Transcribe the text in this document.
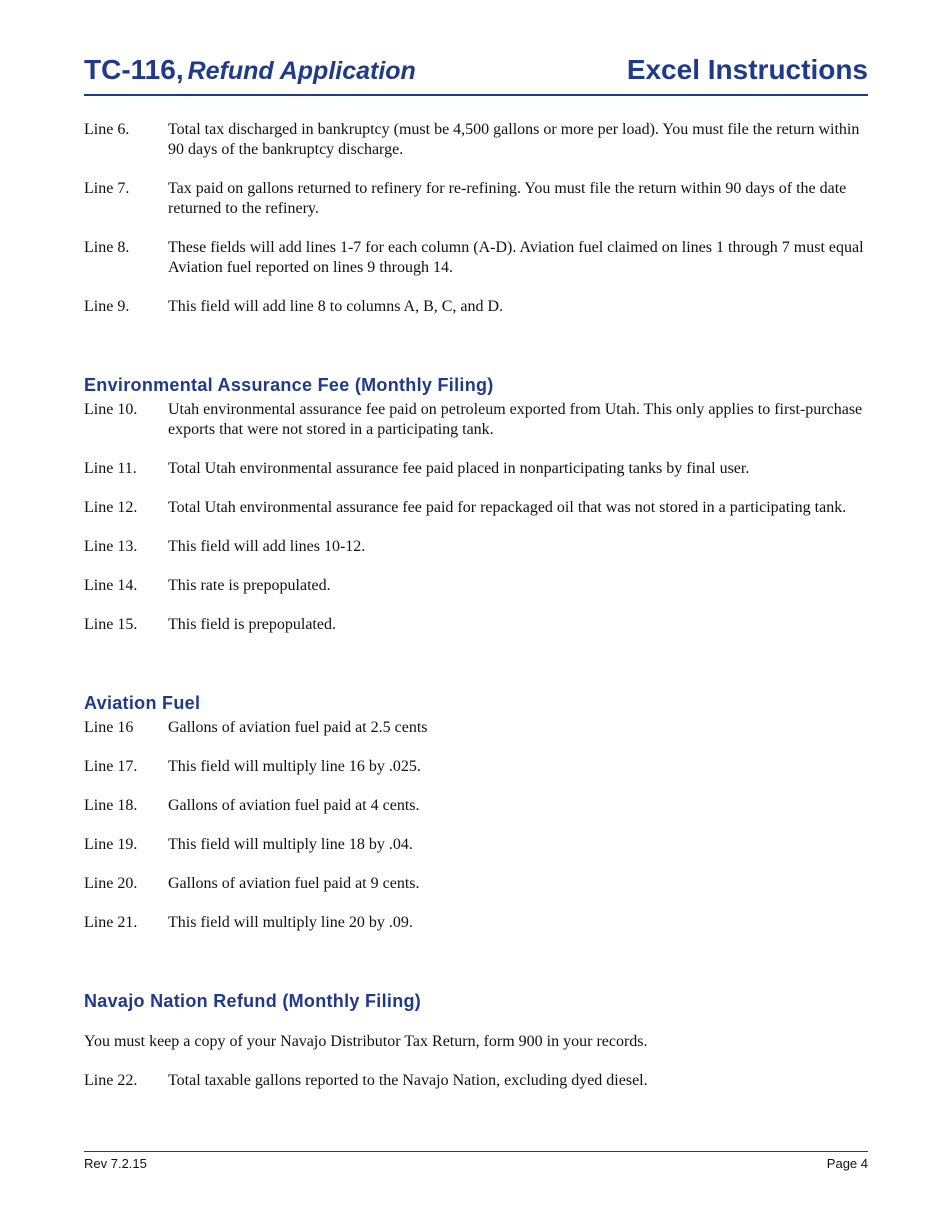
TC-116, Refund Application	Excel Instructions
Line 6.	Total tax discharged in bankruptcy (must be 4,500 gallons or more per load). You must file the return within 90 days of the bankruptcy discharge.
Line 7.	Tax paid on gallons returned to refinery for re-refining. You must file the return within 90 days of the date returned to the refinery.
Line 8.	These fields will add lines 1-7 for each column (A-D). Aviation fuel claimed on lines 1 through 7 must equal Aviation fuel reported on lines 9 through 14.
Line 9.	This field will add line 8 to columns A, B, C, and D.
Environmental Assurance Fee (Monthly Filing)
Line 10.	Utah environmental assurance fee paid on petroleum exported from Utah. This only applies to first-purchase exports that were not stored in a participating tank.
Line 11.	Total Utah environmental assurance fee paid placed in nonparticipating tanks by final user.
Line 12.	Total Utah environmental assurance fee paid for repackaged oil that was not stored in a participating tank.
Line 13.	This field will add lines 10-12.
Line 14.	This rate is prepopulated.
Line 15.	This field is prepopulated.
Aviation Fuel
Line 16	Gallons of aviation fuel paid at 2.5 cents
Line 17.	This field will multiply line 16 by .025.
Line 18.	Gallons of aviation fuel paid at 4 cents.
Line 19.	This field will multiply line 18 by .04.
Line 20.	Gallons of aviation fuel paid at 9 cents.
Line 21.	This field will multiply line 20 by .09.
Navajo Nation Refund (Monthly Filing)
You must keep a copy of your Navajo Distributor Tax Return, form 900 in your records.
Line 22.	Total taxable gallons reported to the Navajo Nation, excluding dyed diesel.
Rev 7.2.15	Page 4
